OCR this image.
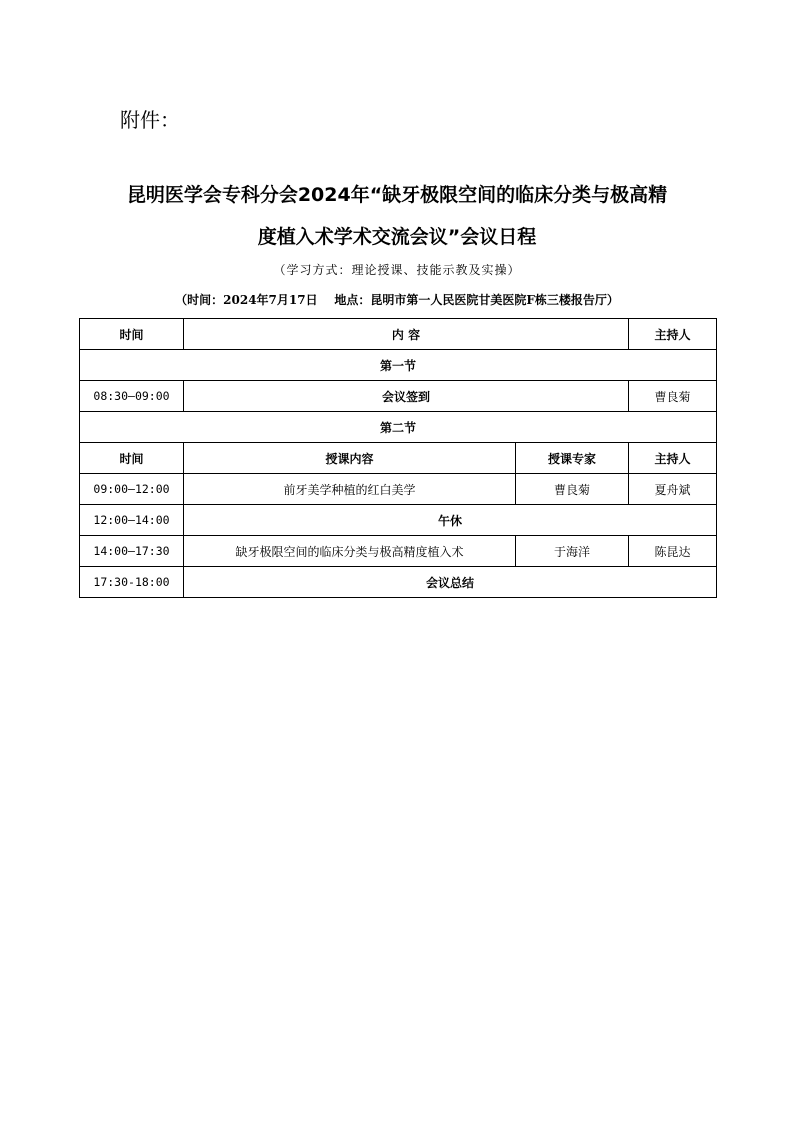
附件：

昆明医学会专科分会2024年“缺牙极限空间的临床分类与极高精
度植入术学术交流会议”会议日程

（学习方式：理论授课、技能示教及实操）

（时间：2024年7月17日    地点：昆明市第一人民医院甘美医院F栋三楼报告厅）

时间	内 容		主持人
第一节			
08:30—09:00	会议签到		曹良菊
第二节			
时间	授课内容	授课专家	主持人
09:00—12:00	前牙美学种植的红白美学	曹良菊	夏舟斌
12:00—14:00	午休		
14:00—17:30	缺牙极限空间的临床分类与极高精度植入术	于海洋	陈昆达
17:30-18:00	会议总结		
